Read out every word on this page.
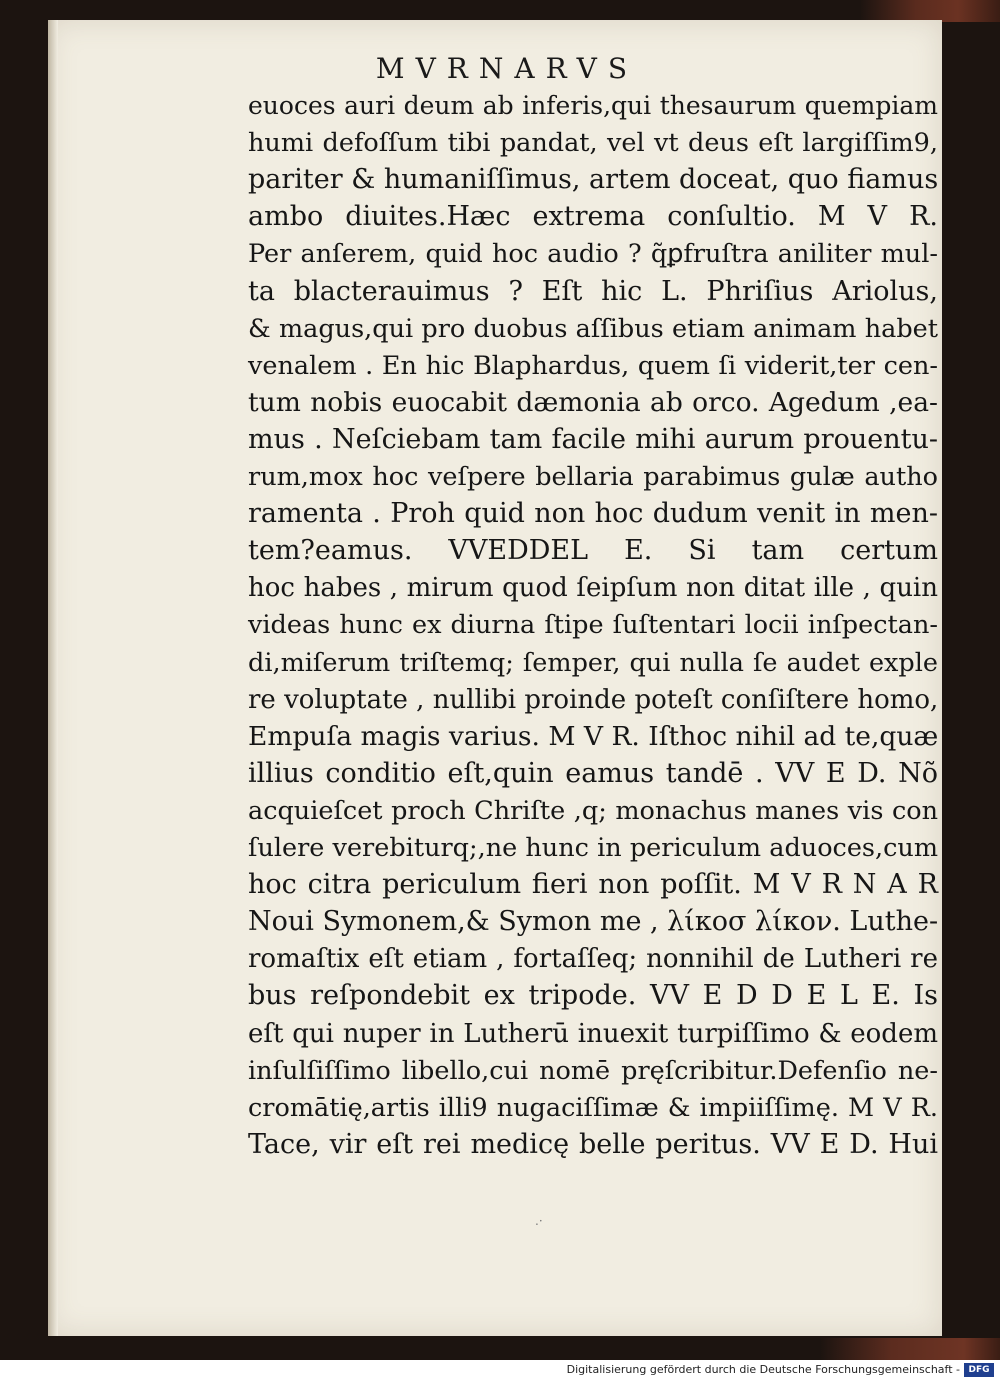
MVRNARVS
euoces auri deum ab inferis,qui thesaurum quempiam
humi defoſſum tibi pandat, vel vt deus eſt largiſſim9,
pariter & humaniſſimus, artem doceat, quo fiamus
ambo diuites.Hæc extrema conſultio. M V R.
Per anſerem, quid hoc audio ? q̃ꝑfruſtra aniliter mul-
ta blacterauimus ? Eſt hic L. Phriſius Ariolus,
& magus,qui pro duobus aſſibus etiam animam habet
venalem . En hic Blaphardus, quem ſi viderit,ter cen-
tum nobis euocabit dæmonia ab orco. Agedum ,ea-
mus . Neſciebam tam facile mihi aurum prouentu-
rum,mox hoc veſpere bellaria parabimus gulæ autho
ramenta . Proh quid non hoc dudum venit in men-
tem?eamus. VVEDDEL E. Si tam certum
hoc habes , mirum quod ſeipſum non ditat ille , quin
videas hunc ex diurna ſtipe ſuſtentari locii inſpectan-
di,miſerum triſtemq; ſemper, qui nulla ſe audet exple
re voluptate , nullibi proinde poteſt conſiſtere homo,
Empuſa magis varius. M V R. Iſthoc nihil ad te,quæ
illius conditio eſt,quin eamus tandē . VV E D. Nõ
acquieſcet proch Chriſte ,q; monachus manes vis con
ſulere verebiturq;,ne hunc in periculum aduoces,cum
hoc citra periculum fieri non poſſit. M V R N A R
Noui Symonem,& Symon me , λίκοσ λίκον. Luthe-
romaſtix eſt etiam , fortaſſeq; nonnihil de Lutheri re
bus reſpondebit ex tripode. VV E D D E L E. Is
eſt qui nuper in Lutherū inuexit turpiſſimo & eodem
inſulſiſſimo libello,cui nomē pręſcribitur.Defenſio ne-
cromātię,artis illi9 nugaciſſimæ & impiiſſimę. M V R.
Tace, vir eſt rei medicę belle peritus. VV E D. Hui
.·
Digitalisierung gefördert durch die Deutsche Forschungsgemeinschaft - DFG
